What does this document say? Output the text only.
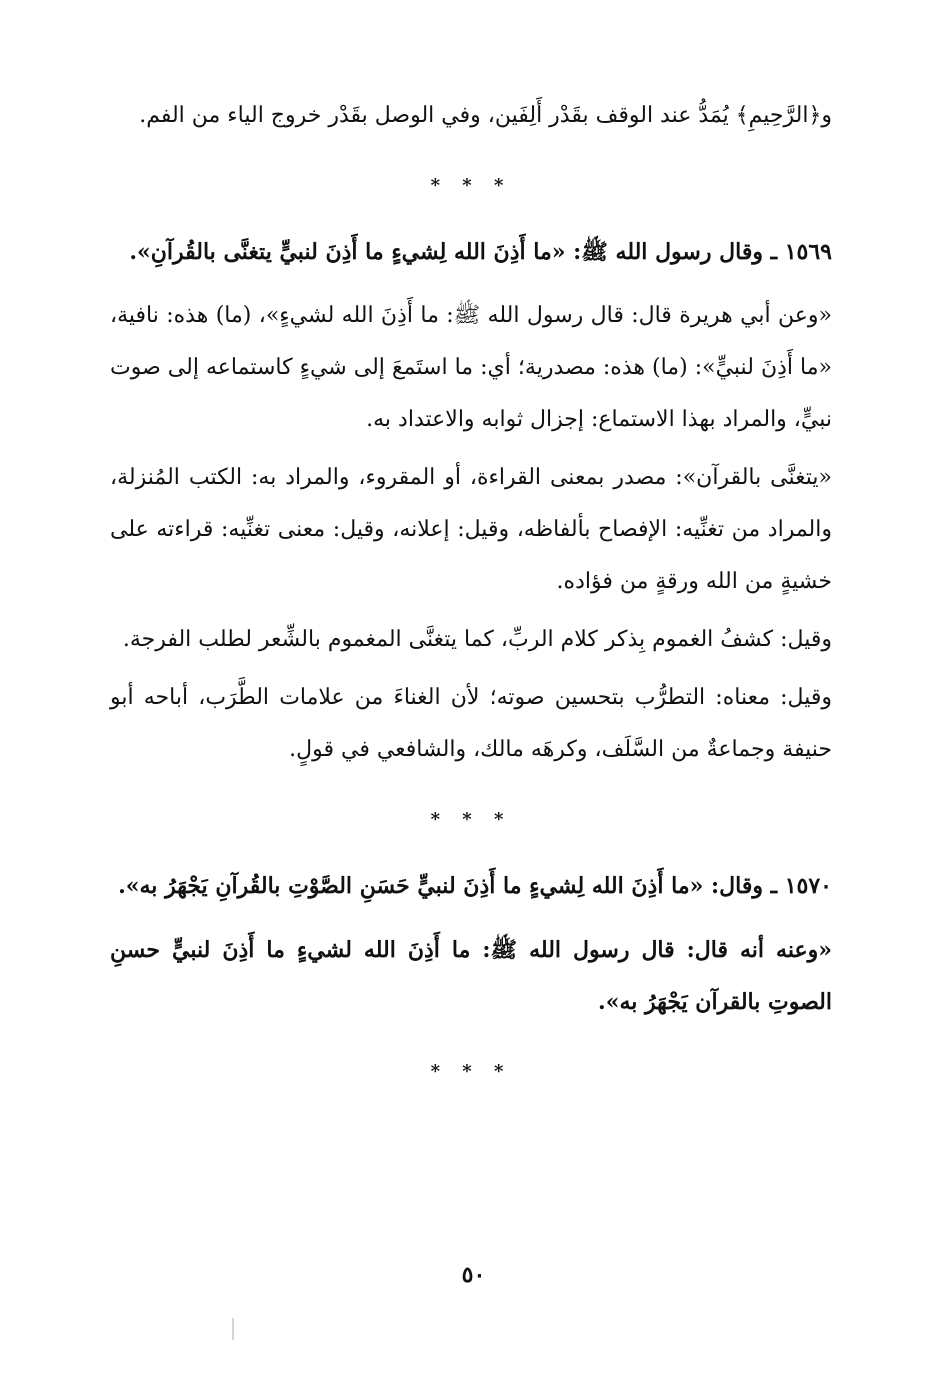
و﴿الرَّحِيمِ﴾ يُمَدُّ عند الوقف بقَدْر أَلِفَين، وفي الوصل بقَدْر خروج الياء من الفم.

* * *

١٥٦٩ ـ وقال رسول الله ﷺ: «ما أَذِنَ الله لِشيءٍ ما أَذِنَ لنبيٍّ يتغنَّى بالقُرآنِ».

«وعن أبي هريرة قال: قال رسول الله ﷺ: ما أَذِنَ الله لشيءٍ»، (ما) هذه: نافية، «ما أَذِنَ لنبيٍّ»: (ما) هذه: مصدرية؛ أي: ما استَمعَ إلى شيءٍ كاستماعه إلى صوت نبيٍّ، والمراد بهذا الاستماع: إجزال ثوابه والاعتداد به.

«يتغنَّى بالقرآن»: مصدر بمعنى القراءة، أو المقروء، والمراد به: الكتب المُنزلة، والمراد من تغنِّيه: الإفصاح بألفاظه، وقيل: إعلانه، وقيل: معنى تغنِّيه: قراءته على خشيةٍ من الله ورقةٍ من فؤاده.

وقيل: كشفُ الغموم بِذكر كلام الربِّ، كما يتغنَّى المغموم بالشِّعر لطلب الفرجة.

وقيل: معناه: التطرُّب بتحسين صوته؛ لأن الغناءَ من علامات الطَّرَب، أباحه أبو حنيفة وجماعةٌ من السَّلَف، وكرهَه مالك، والشافعي في قولٍ.

* * *

١٥٧٠ ـ وقال: «ما أَذِنَ الله لِشيءٍ ما أَذِنَ لنبيٍّ حَسَنِ الصَّوْتِ بالقُرآنِ يَجْهَرُ به».

«وعنه أنه قال: قال رسول الله ﷺ: ما أَذِنَ الله لشيءٍ ما أَذِنَ لنبيٍّ حسنِ الصوتِ بالقرآن يَجْهَرُ به».

* * *
٥٠
